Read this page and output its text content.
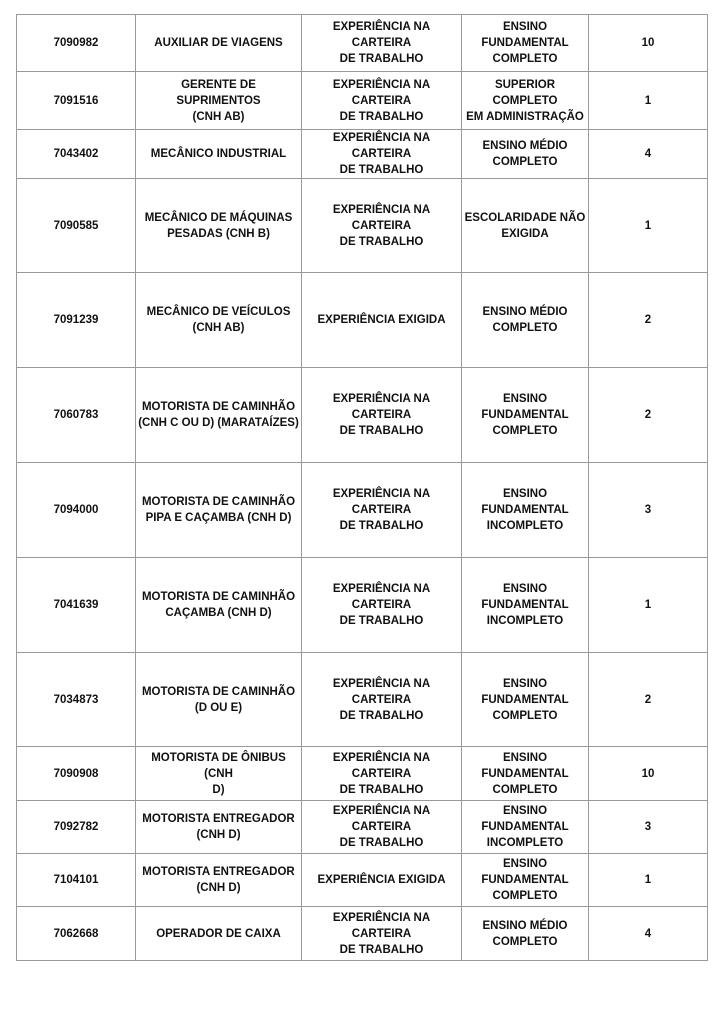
7090982	AUXILIAR DE VIAGENS	EXPERIÊNCIA NA CARTEIRA
DE TRABALHO	ENSINO
FUNDAMENTAL
COMPLETO	10
7091516	GERENTE DE SUPRIMENTOS
(CNH AB)	EXPERIÊNCIA NA CARTEIRA
DE TRABALHO	SUPERIOR COMPLETO
EM ADMINISTRAÇÃO	1
7043402	MECÂNICO INDUSTRIAL	EXPERIÊNCIA NA CARTEIRA
DE TRABALHO	ENSINO MÉDIO
COMPLETO	4
7090585	MECÂNICO DE MÁQUINAS
PESADAS (CNH B)	EXPERIÊNCIA NA CARTEIRA
DE TRABALHO	ESCOLARIDADE NÃO
EXIGIDA	1
7091239	MECÂNICO DE VEÍCULOS
(CNH AB)	EXPERIÊNCIA EXIGIDA	ENSINO MÉDIO
COMPLETO	2
7060783	MOTORISTA DE CAMINHÃO
(CNH C OU D) (MARATAÍZES)	EXPERIÊNCIA NA CARTEIRA
DE TRABALHO	ENSINO
FUNDAMENTAL
COMPLETO	2
7094000	MOTORISTA DE CAMINHÃO
PIPA E CAÇAMBA (CNH D)	EXPERIÊNCIA NA CARTEIRA
DE TRABALHO	ENSINO
FUNDAMENTAL
INCOMPLETO	3
7041639	MOTORISTA DE CAMINHÃO
CAÇAMBA (CNH D)	EXPERIÊNCIA NA CARTEIRA
DE TRABALHO	ENSINO
FUNDAMENTAL
INCOMPLETO	1
7034873	MOTORISTA DE CAMINHÃO
(D OU E)	EXPERIÊNCIA NA CARTEIRA
DE TRABALHO	ENSINO
FUNDAMENTAL
COMPLETO	2
7090908	MOTORISTA DE ÔNIBUS (CNH
D)	EXPERIÊNCIA NA CARTEIRA
DE TRABALHO	ENSINO
FUNDAMENTAL
COMPLETO	10
7092782	MOTORISTA ENTREGADOR
(CNH D)	EXPERIÊNCIA NA CARTEIRA
DE TRABALHO	ENSINO
FUNDAMENTAL
INCOMPLETO	3
7104101	MOTORISTA ENTREGADOR
(CNH D)	EXPERIÊNCIA EXIGIDA	ENSINO
FUNDAMENTAL
COMPLETO	1
7062668	OPERADOR DE CAIXA	EXPERIÊNCIA NA CARTEIRA
DE TRABALHO	ENSINO MÉDIO
COMPLETO	4
